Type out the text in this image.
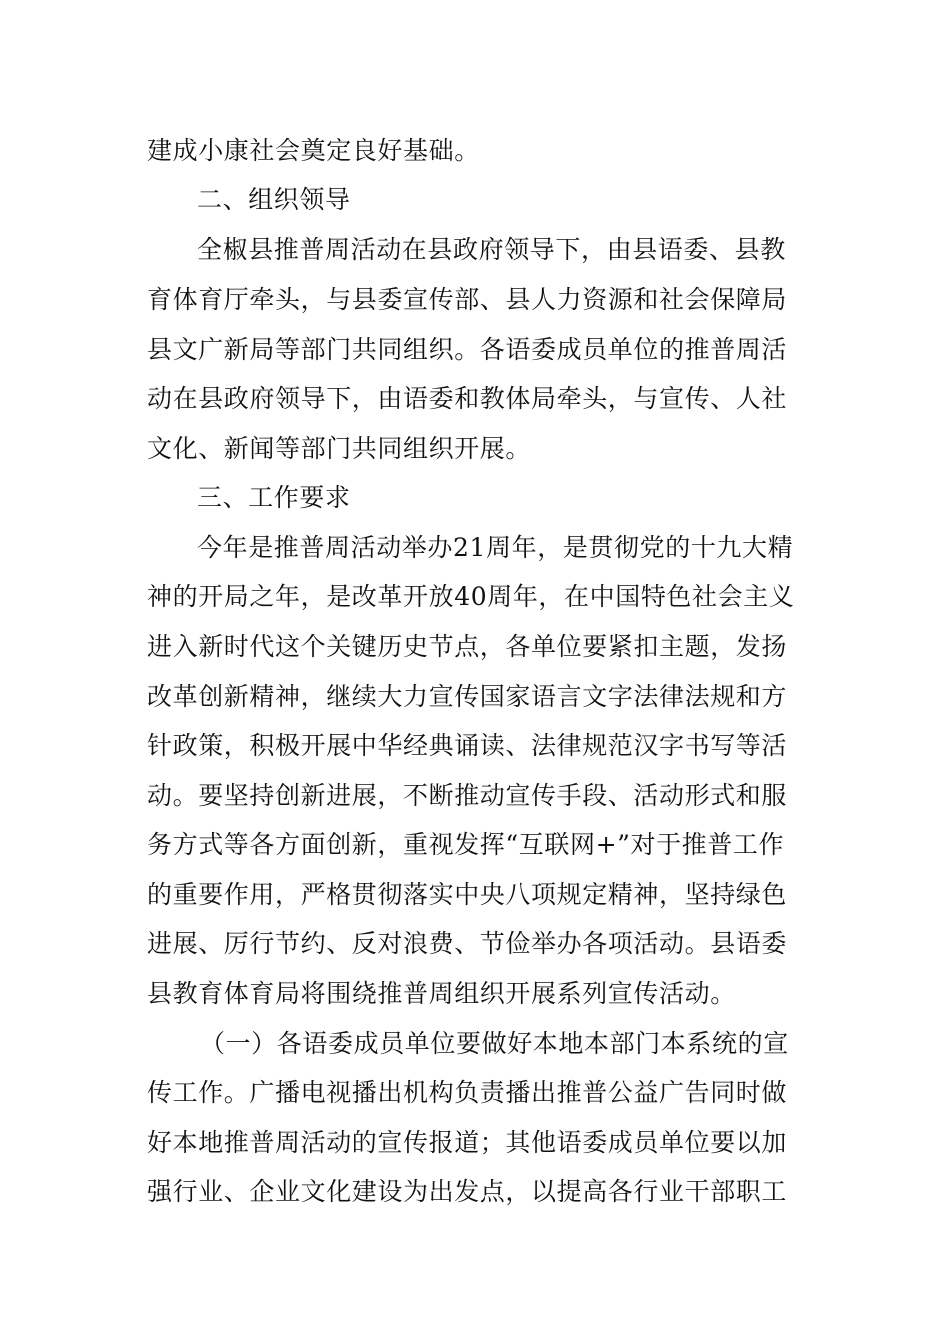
建成小康社会奠定良好基础。
二、组织领导
全椒县推普周活动在县政府领导下，由县语委、县教
育体育厅牵头，与县委宣传部、县人力资源和社会保障局
县文广新局等部门共同组织。各语委成员单位的推普周活
动在县政府领导下，由语委和教体局牵头，与宣传、人社
文化、新闻等部门共同组织开展。
三、工作要求
今年是推普周活动举办21周年，是贯彻党的十九大精
神的开局之年，是改革开放40周年，在中国特色社会主义
进入新时代这个关键历史节点，各单位要紧扣主题，发扬
改革创新精神，继续大力宣传国家语言文字法律法规和方
针政策，积极开展中华经典诵读、法律规范汉字书写等活
动。要坚持创新进展，不断推动宣传手段、活动形式和服
务方式等各方面创新，重视发挥“互联网+”对于推普工作
的重要作用，严格贯彻落实中央八项规定精神，坚持绿色
进展、厉行节约、反对浪费、节俭举办各项活动。县语委
县教育体育局将围绕推普周组织开展系列宣传活动。
（一）各语委成员单位要做好本地本部门本系统的宣
传工作。广播电视播出机构负责播出推普公益广告同时做
好本地推普周活动的宣传报道；其他语委成员单位要以加
强行业、企业文化建设为出发点，以提高各行业干部职工
